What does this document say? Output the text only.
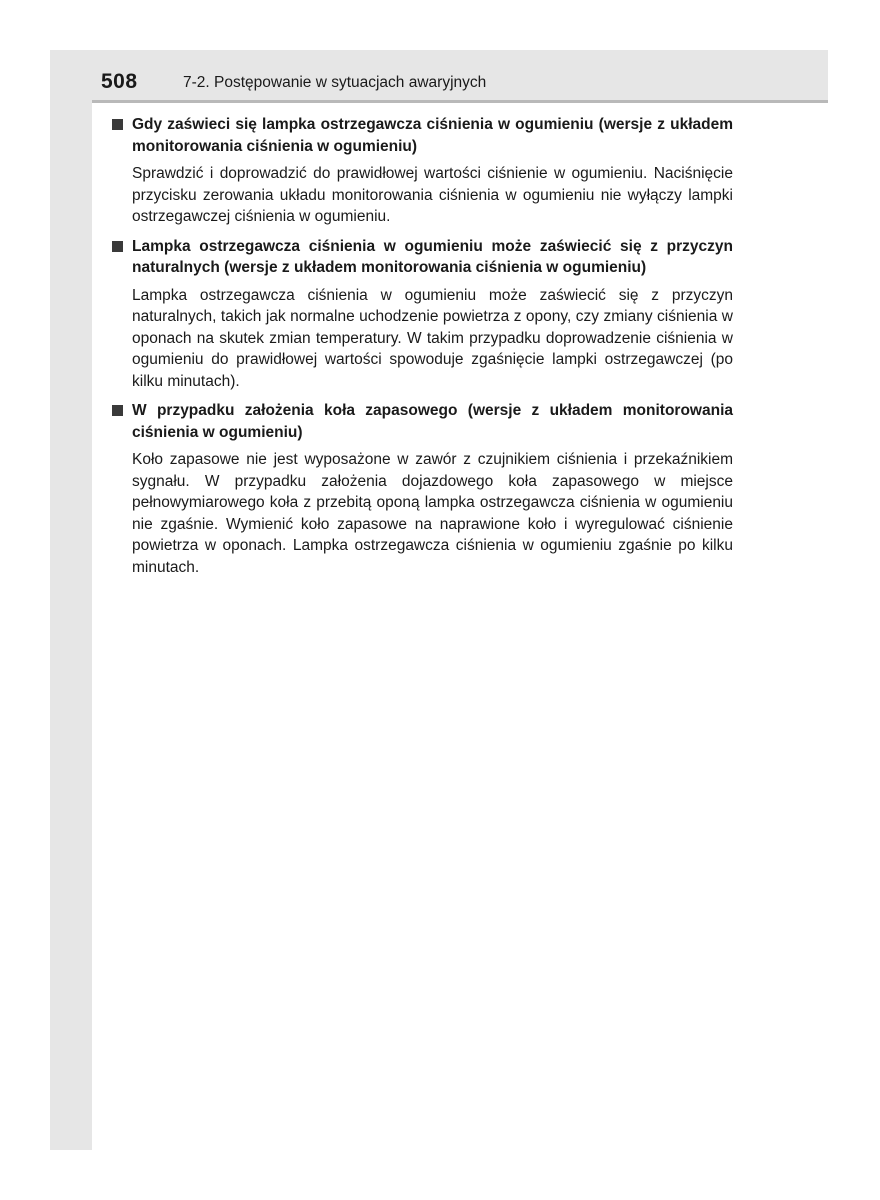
508	7-2. Postępowanie w sytuacjach awaryjnych
Gdy zaświeci się lampka ostrzegawcza ciśnienia w ogumieniu (wersje z układem monitorowania ciśnienia w ogumieniu)
Sprawdzić i doprowadzić do prawidłowej wartości ciśnienie w ogumieniu. Naciśnięcie przycisku zerowania układu monitorowania ciśnienia w ogumieniu nie wyłączy lampki ostrzegawczej ciśnienia w ogumieniu.
Lampka ostrzegawcza ciśnienia w ogumieniu może zaświecić się z przyczyn naturalnych (wersje z układem monitorowania ciśnienia w ogumieniu)
Lampka ostrzegawcza ciśnienia w ogumieniu może zaświecić się z przyczyn naturalnych, takich jak normalne uchodzenie powietrza z opony, czy zmiany ciśnienia w oponach na skutek zmian temperatury. W takim przypadku doprowadzenie ciśnienia w ogumieniu do prawidłowej wartości spowoduje zgaśnięcie lampki ostrzegawczej (po kilku minutach).
W przypadku założenia koła zapasowego (wersje z układem monitorowania ciśnienia w ogumieniu)
Koło zapasowe nie jest wyposażone w zawór z czujnikiem ciśnienia i przekaźnikiem sygnału. W przypadku założenia dojazdowego koła zapasowego w miejsce pełnowymiarowego koła z przebitą oponą lampka ostrzegawcza ciśnienia w ogumieniu nie zgaśnie. Wymienić koło zapasowe na naprawione koło i wyregulować ciśnienie powietrza w oponach. Lampka ostrzegawcza ciśnienia w ogumieniu zgaśnie po kilku minutach.
